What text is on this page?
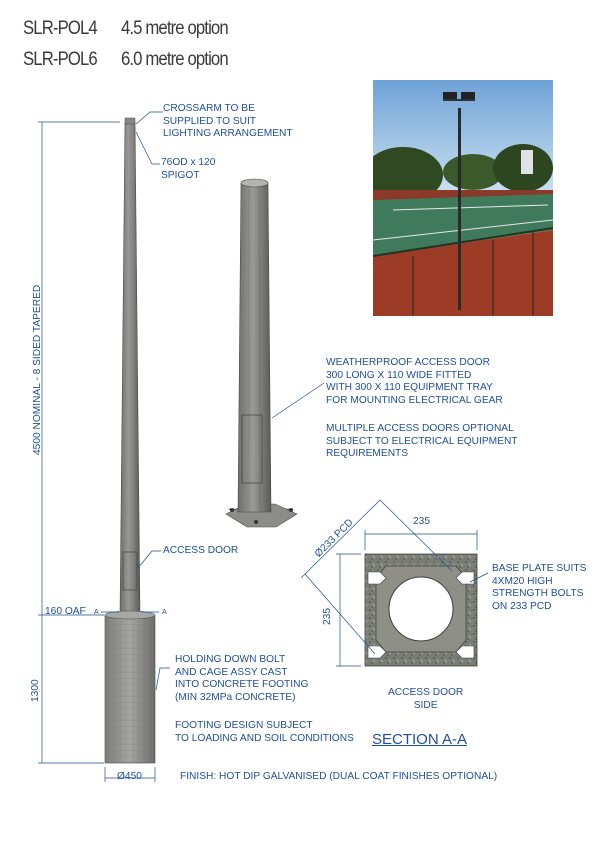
SLR-POL4 4.5 metre option
SLR-POL6 6.0 metre option
CROSSARM TO BE
SUPPLIED TO SUIT
LIGHTING ARRANGEMENT
76OD x 120
SPIGOT
WEATHERPROOF ACCESS DOOR
300 LONG X 110 WIDE FITTED
WITH 300 X 110 EQUIPMENT TRAY
FOR MOUNTING ELECTRICAL GEAR
MULTIPLE ACCESS DOORS OPTIONAL
SUBJECT TO ELECTRICAL EQUIPMENT
REQUIREMENTS
ACCESS DOOR
HOLDING DOWN BOLT
AND CAGE ASSY CAST
INTO CONCRETE FOOTING
(MIN 32MPa CONCRETE)
FOOTING DESIGN SUBJECT
TO LOADING AND SOIL CONDITIONS
BASE PLATE SUITS
4XM20 HIGH
STRENGTH BOLTS
ON 233 PCD
ACCESS DOOR
SIDE
FINISH: HOT DIP GALVANISED (DUAL COAT FINISHES OPTIONAL)
4500 NOMINAL - 8 SIDED TAPERED
160 OAF A	A
1300
Ø450
Ø233 PCD	235
235
SECTION A-A
